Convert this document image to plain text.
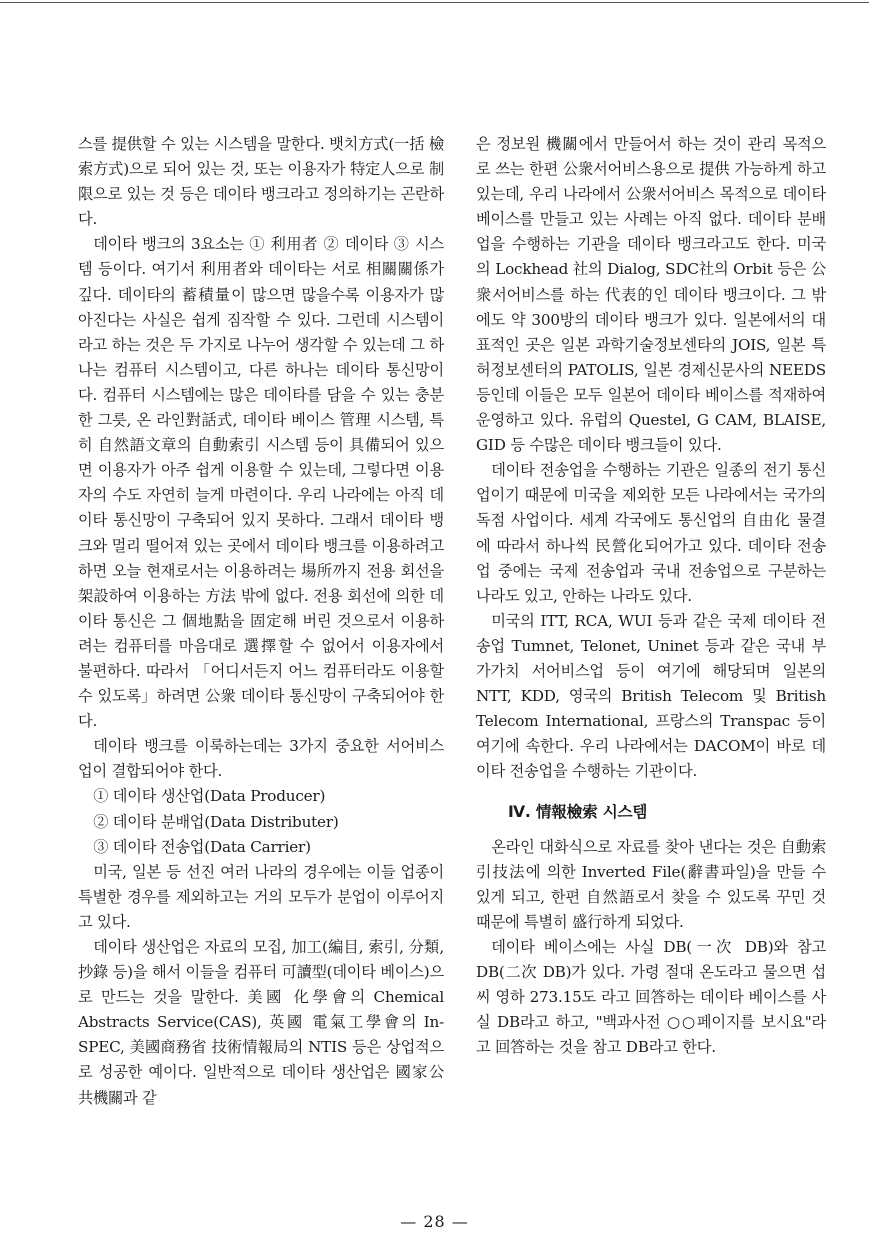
스를 提供할 수 있는 시스템을 말한다. 뱃치方式(一括 檢索方式)으로 되어 있는 것, 또는 이용자가 特定人으로 制限으로 있는 것 등은 데이타 뱅크라고 정의하기는 곤란하다.

데이타 뱅크의 3요소는 ① 利用者 ② 데이타 ③ 시스템 등이다. 여기서 利用者와 데이타는 서로 相關關係가 깊다. 데이타의 蓄積量이 많으면 많을수록 이용자가 많아진다는 사실은 쉽게 짐작할 수 있다. 그런데 시스템이라고 하는 것은 두 가지로 나누어 생각할 수 있는데 그 하나는 컴퓨터 시스템이고, 다른 하나는 데이타 통신망이다. 컴퓨터 시스템에는 많은 데이타를 담을 수 있는 충분한 그릇, 온 라인對話式, 데이타 베이스 管理 시스템, 특히 自然語文章의 自動索引 시스템 등이 具備되어 있으면 이용자가 아주 쉽게 이용할 수 있는데, 그렇다면 이용자의 수도 자연히 늘게 마련이다. 우리 나라에는 아직 데이타 통신망이 구축되어 있지 못하다. 그래서 데이타 뱅크와 멀리 떨어져 있는 곳에서 데이타 뱅크를 이용하려고 하면 오늘 현재로서는 이용하려는 場所까지 전용 회선을 架設하여 이용하는 方法 밖에 없다. 전용 회선에 의한 데이타 통신은 그 個地點을 固定해 버린 것으로서 이용하려는 컴퓨터를 마음대로 選擇할 수 없어서 이용자에서 불편하다. 따라서 「어디서든지 어느 컴퓨터라도 이용할 수 있도록」하려면 公衆 데이타 통신망이 구축되어야 한다.

데이타 뱅크를 이룩하는데는 3가지 중요한 서어비스업이 결합되어야 한다.

① 데이타 생산업(Data Producer)

② 데이타 분배업(Data Distributer)

③ 데이타 전송업(Data Carrier)

미국, 일본 등 선진 여러 나라의 경우에는 이들 업종이 특별한 경우를 제외하고는 거의 모두가 분업이 이루어지고 있다.

데이타 생산업은 자료의 모집, 加工(編目, 索引, 分類, 抄錄 등)을 해서 이들을 컴퓨터 可讀型(데이타 베이스)으로 만드는 것을 말한다. 美國 化學會의 Chemical Abstracts Service(CAS), 英國 電氣工學會의 In-SPEC, 美國商務省 技術情報局의 NTIS 등은 상업적으로 성공한 예이다. 일반적으로 데이타 생산업은 國家公共機關과 같

은 정보원 機關에서 만들어서 하는 것이 관리 목적으로 쓰는 한편 公衆서어비스용으로 提供 가능하게 하고 있는데, 우리 나라에서 公衆서어비스 목적으로 데이타 베이스를 만들고 있는 사례는 아직 없다. 데이타 분배업을 수행하는 기관을 데이타 뱅크라고도 한다. 미국의 Lockhead 社의 Dialog, SDC社의 Orbit 등은 公衆서어비스를 하는 代表的인 데이타 뱅크이다. 그 밖에도 약 300방의 데이타 뱅크가 있다. 일본에서의 대표적인 곳은 일본 과학기술정보센타의 JOIS, 일본 특허정보센터의 PATOLIS, 일본 경제신문사의 NEEDS 등인데 이들은 모두 일본어 데이타 베이스를 적재하여 운영하고 있다. 유럽의 Questel, G CAM, BLAISE, GID 등 수많은 데이타 뱅크들이 있다.

데이타 전송업을 수행하는 기관은 일종의 전기 통신업이기 때문에 미국을 제외한 모든 나라에서는 국가의 독점 사업이다. 세계 각국에도 통신업의 自由化 물결에 따라서 하나씩 民營化되어가고 있다. 데이타 전송업 중에는 국제 전송업과 국내 전송업으로 구분하는 나라도 있고, 안하는 나라도 있다.

미국의 ITT, RCA, WUI 등과 같은 국제 데이타 전송업 Tumnet, Telonet, Uninet 등과 같은 국내 부가가치 서어비스업 등이 여기에 해당되며 일본의 NTT, KDD, 영국의 British Telecom 및 British Telecom International, 프랑스의 Transpac 등이 여기에 속한다. 우리 나라에서는 DACOM이 바로 데이타 전송업을 수행하는 기관이다.

Ⅳ. 情報檢索 시스템

온라인 대화식으로 자료를 찾아 낸다는 것은 自動索引技法에 의한 Inverted File(辭書파일)을 만들 수 있게 되고, 한편 自然語로서 찾을 수 있도록 꾸민 것 때문에 특별히 盛行하게 되었다.

데이타 베이스에는 사실 DB(一次 DB)와 참고 DB(二次 DB)가 있다. 가령 절대 온도라고 물으면 섭씨 영하 273.15도 라고 回答하는 데이타 베이스를 사실 DB라고 하고, "백과사전 ○○페이지를 보시요"라고 回答하는 것을 참고 DB라고 한다.

— 28 —
